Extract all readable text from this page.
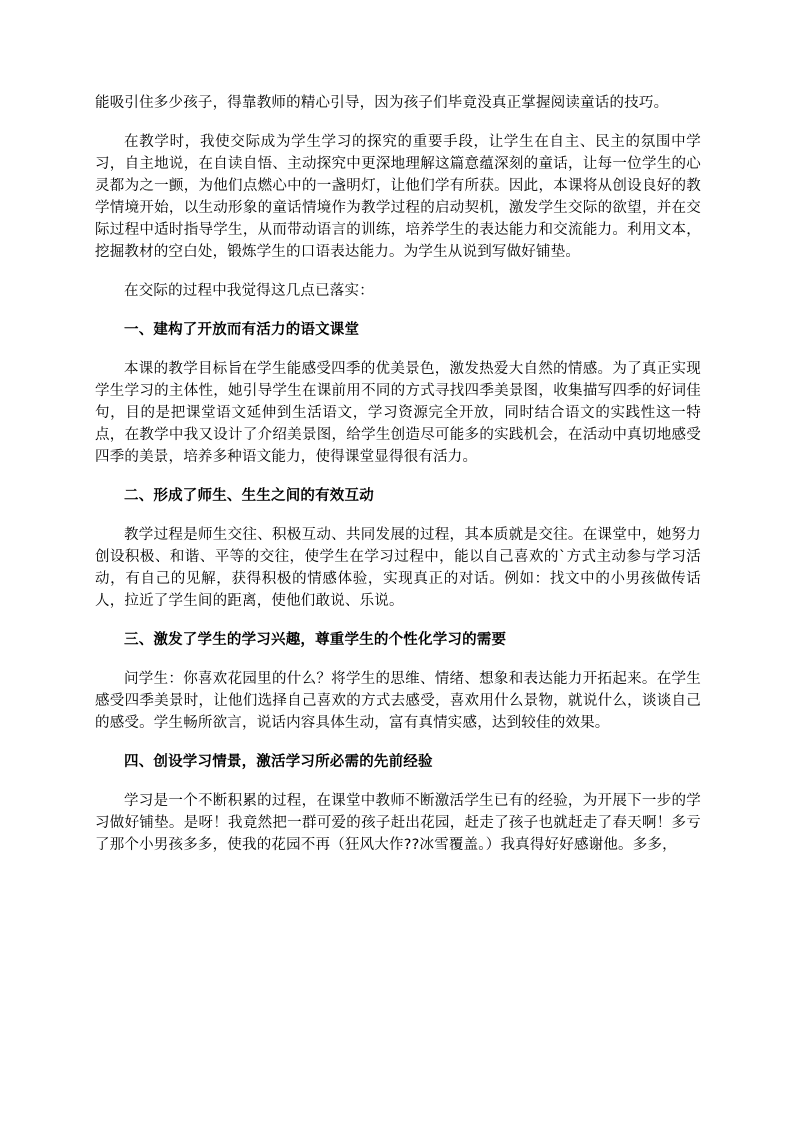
能吸引住多少孩子，得靠教师的精心引导，因为孩子们毕竟没真正掌握阅读童话的技巧。

在教学时，我使交际成为学生学习的探究的重要手段，让学生在自主、民主的氛围中学习，自主地说，在自读自悟、主动探究中更深地理解这篇意蕴深刻的童话，让每一位学生的心灵都为之一颤，为他们点燃心中的一盏明灯，让他们学有所获。因此，本课将从创设良好的教学情境开始，以生动形象的童话情境作为教学过程的启动契机，激发学生交际的欲望，并在交际过程中适时指导学生，从而带动语言的训练，培养学生的表达能力和交流能力。利用文本，挖掘教材的空白处，锻炼学生的口语表达能力。为学生从说到写做好铺垫。

在交际的过程中我觉得这几点已落实：

一、建构了开放而有活力的语文课堂

本课的教学目标旨在学生能感受四季的优美景色，激发热爱大自然的情感。为了真正实现学生学习的主体性，她引导学生在课前用不同的方式寻找四季美景图，收集描写四季的好词佳句，目的是把课堂语文延伸到生活语文，学习资源完全开放，同时结合语文的实践性这一特点，在教学中我又设计了介绍美景图，给学生创造尽可能多的实践机会，在活动中真切地感受四季的美景，培养多种语文能力，使得课堂显得很有活力。

二、形成了师生、生生之间的有效互动

教学过程是师生交往、积极互动、共同发展的过程，其本质就是交往。在课堂中，她努力创设积极、和谐、平等的交往，使学生在学习过程中，能以自己喜欢的`方式主动参与学习活动，有自己的见解，获得积极的情感体验，实现真正的对话。例如：找文中的小男孩做传话人，拉近了学生间的距离，使他们敢说、乐说。

三、激发了学生的学习兴趣，尊重学生的个性化学习的需要

问学生：你喜欢花园里的什么？将学生的思维、情绪、想象和表达能力开拓起来。在学生感受四季美景时，让他们选择自己喜欢的方式去感受，喜欢用什么景物，就说什么，谈谈自己的感受。学生畅所欲言，说话内容具体生动，富有真情实感，达到较佳的效果。

四、创设学习情景，激活学习所必需的先前经验

学习是一个不断积累的过程，在课堂中教师不断激活学生已有的经验，为开展下一步的学习做好铺垫。是呀！我竟然把一群可爱的孩子赶出花园，赶走了孩子也就赶走了春天啊！多亏了那个小男孩多多，使我的花园不再（狂风大作??冰雪覆盖。）我真得好好感谢他。多多，
